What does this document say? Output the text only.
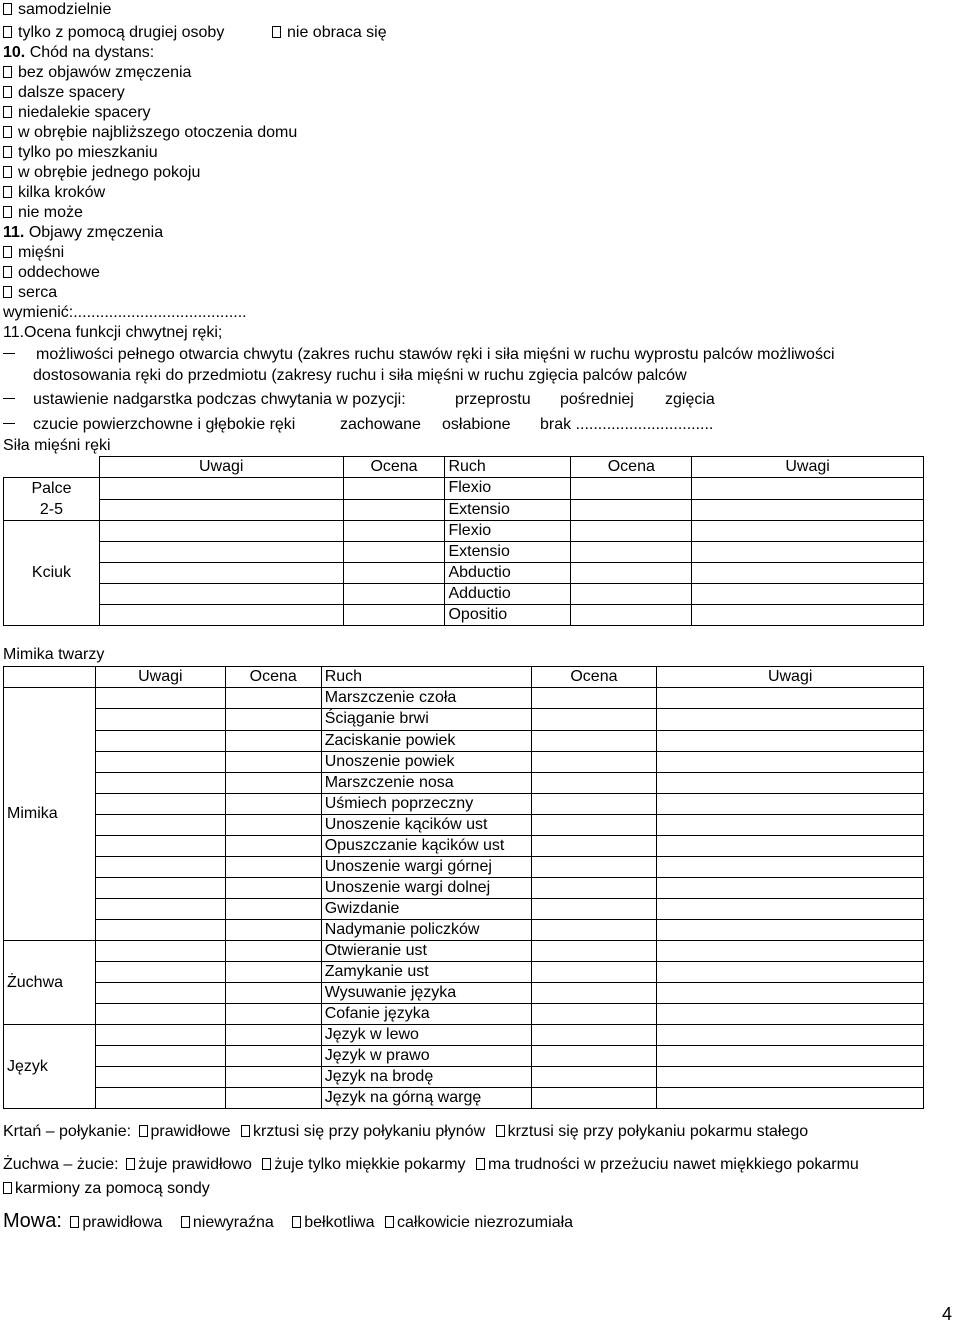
samodzielnie
tylko z pomocą drugiej osoby	nie obraca się
10. Chód na dystans:
bez objawów zmęczenia
dalsze spacery
niedalekie spacery
w obrębie najbliższego otoczenia domu
tylko po mieszkaniu
w obrębie jednego pokoju
kilka kroków
nie może
11. Objawy zmęczenia
mięśni
oddechowe
serca
wymienić:.......................................
11.Ocena funkcji chwytnej ręki;
możliwości pełnego otwarcia chwytu (zakres ruchu stawów ręki i siła mięśni w ruchu wyprostu palców możliwości
dostosowania ręki do przedmiotu (zakresy ruchu i siła mięśni w ruchu zgięcia palców palców
ustawienie nadgarstka podczas chwytania w pozycji:	przeprostu pośredniej zgięcia
czucie powierzchowne i głębokie ręki	zachowane osłabione brak ...............................
Siła mięśni ręki
	Uwagi	Ocena	Ruch	Ocena	Uwagi
Palce
2-5			Flexio		
			Extensio		
Kciuk			Flexio		
			Extensio		
			Abductio		
			Adductio		
			Opositio		
Mimika twarzy
	Uwagi	Ocena	Ruch	Ocena	Uwagi
Mimika			Marszczenie czoła		
			Ściąganie brwi		
			Zaciskanie powiek		
			Unoszenie powiek		
			Marszczenie nosa		
			Uśmiech poprzeczny		
			Unoszenie kącików ust		
			Opuszczanie kącików ust		
			Unoszenie wargi górnej		
			Unoszenie wargi dolnej		
			Gwizdanie		
			Nadymanie policzków		
Żuchwa			Otwieranie ust		
			Zamykanie ust		
			Wysuwanie języka		
			Cofanie języka		
Język			Język w lewo		
			Język w prawo		
			Język na brodę		
			Język na górną wargę		
Krtań – połykanie: prawidłowe krztusi się przy połykaniu płynów krztusi się przy połykaniu pokarmu stałego
Żuchwa – żucie: żuje prawidłowo żuje tylko miękkie pokarmy ma trudności w przeżuciu nawet miękkiego pokarmu
karmiony za pomocą sondy
Mowa: prawidłowa niewyraźna bełkotliwa całkowicie niezrozumiała
4
